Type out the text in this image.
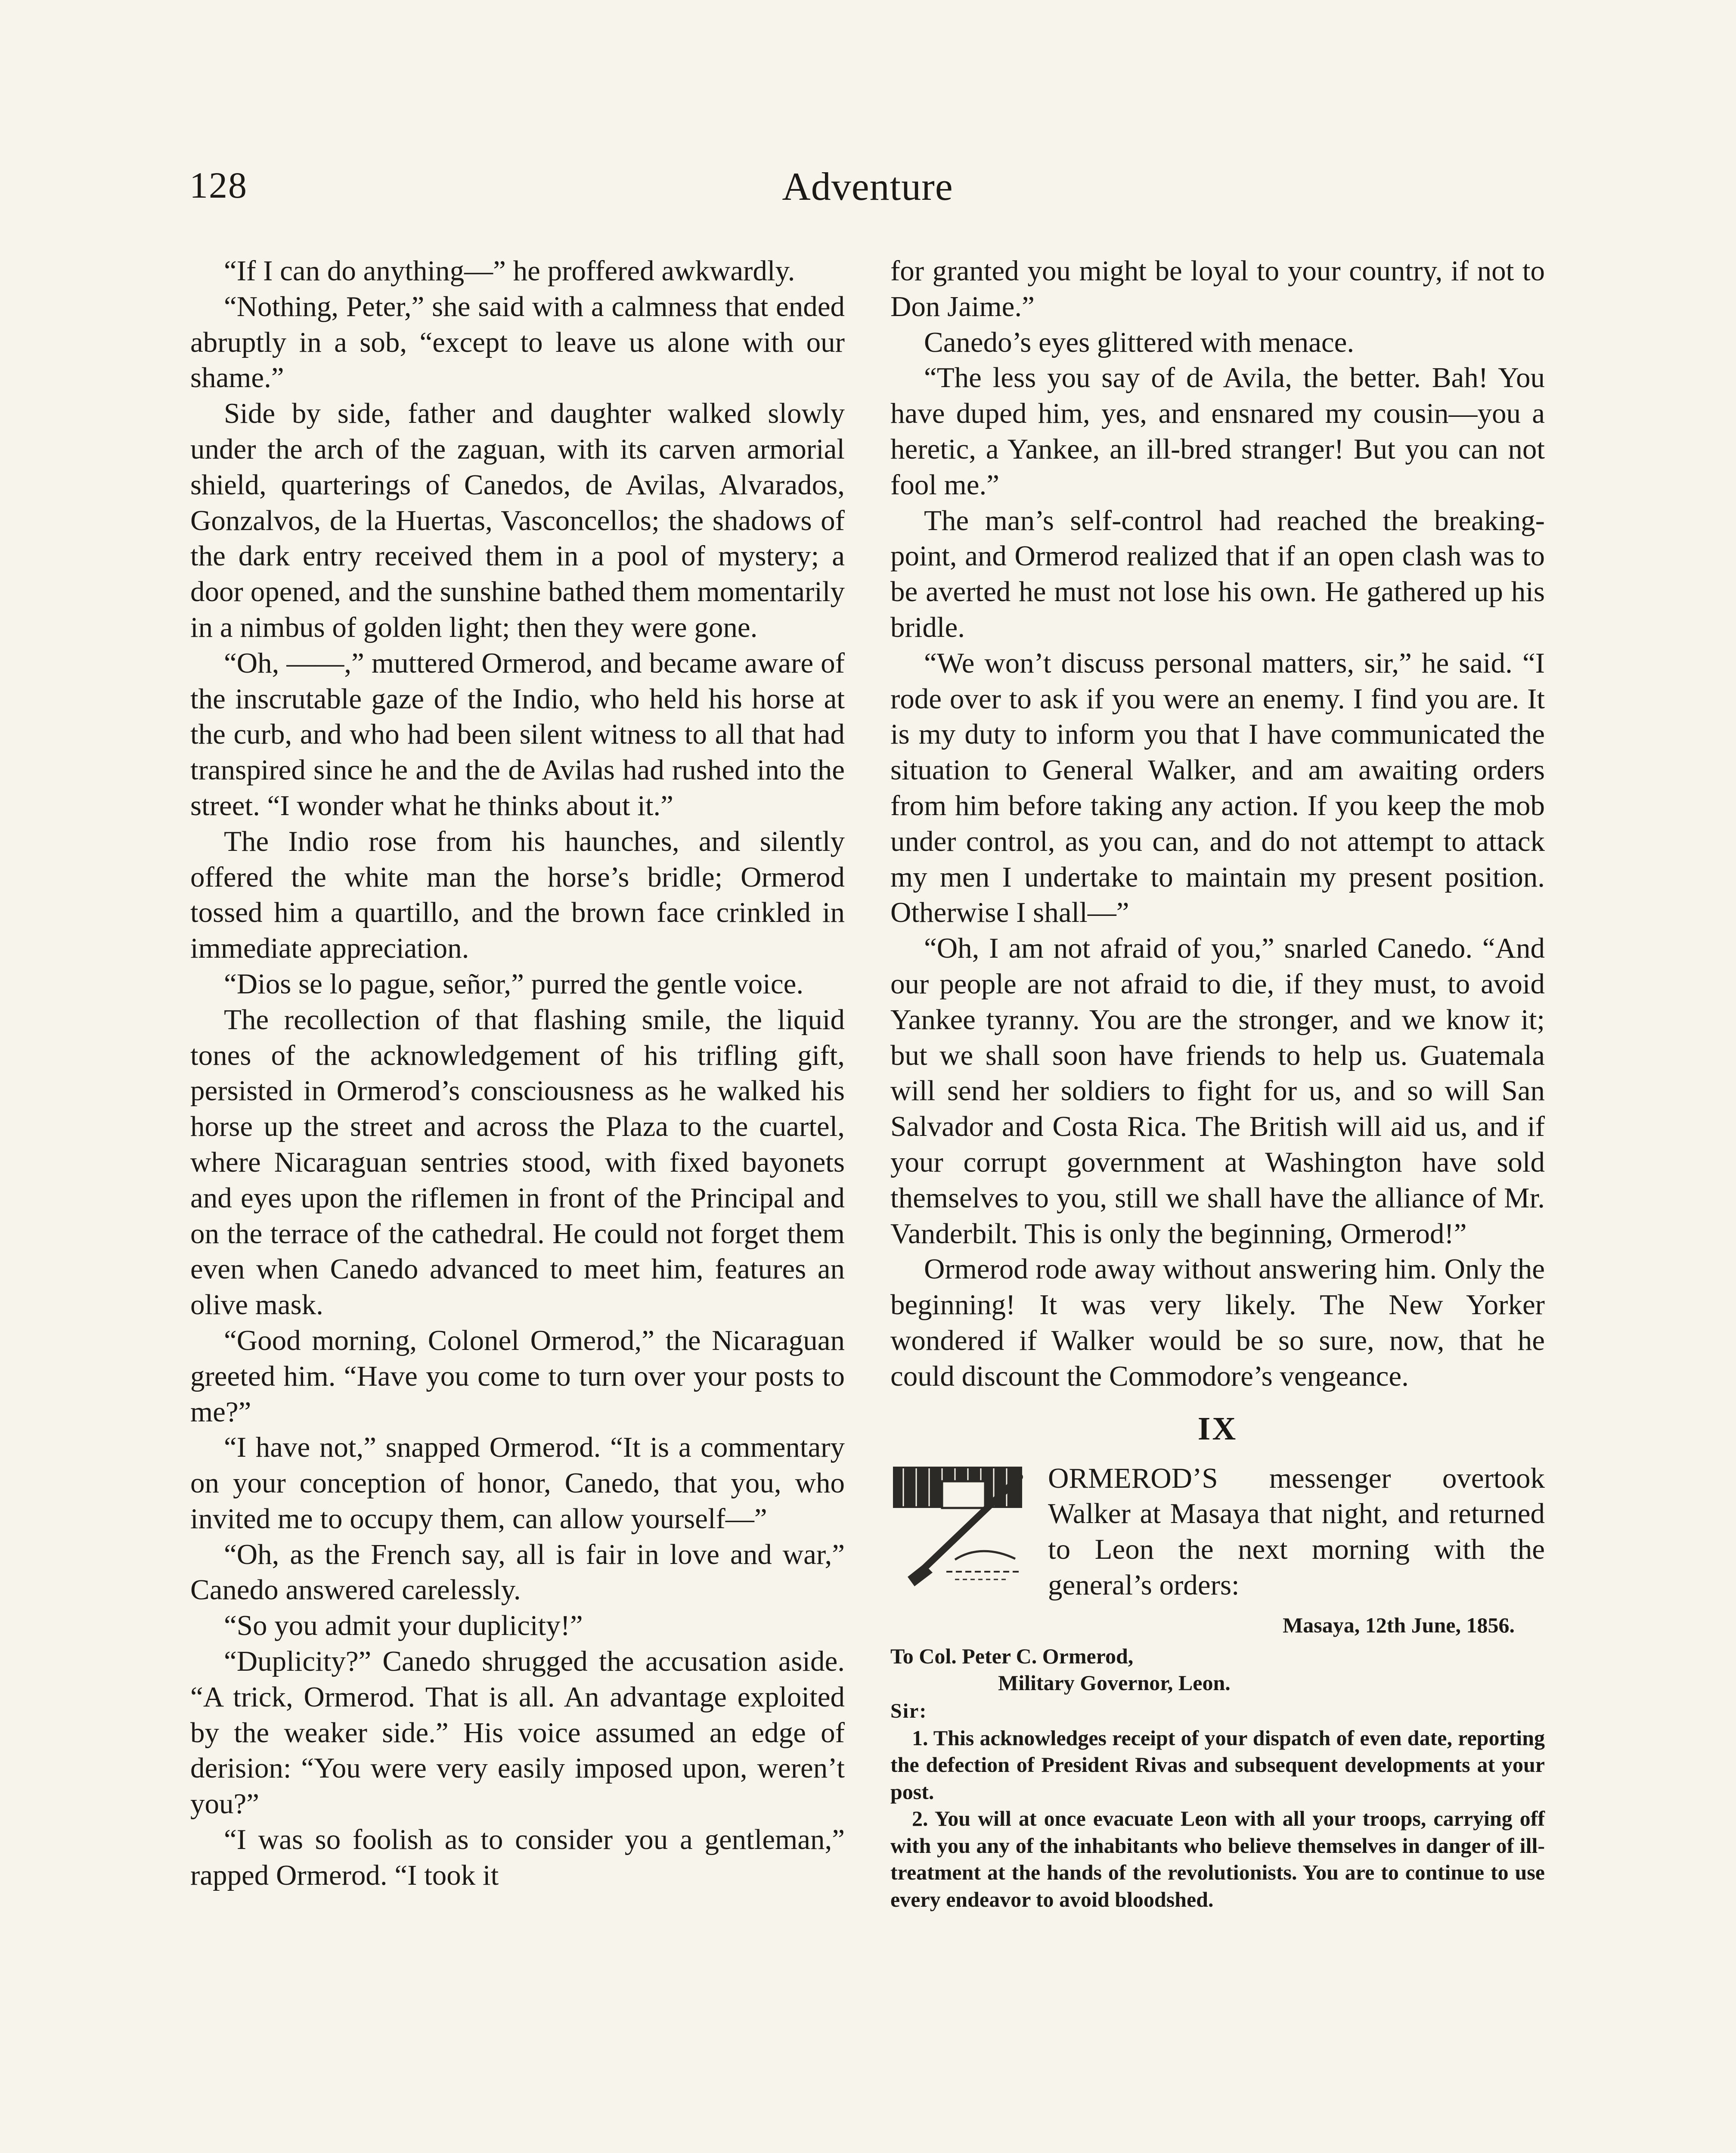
128	Adventure

“If I can do anything—” he proffered awkwardly.

“Nothing, Peter,” she said with a calmness that ended abruptly in a sob, “except to leave us alone with our shame.”

Side by side, father and daughter walked slowly under the arch of the zaguan, with its carven armorial shield, quarterings of Canedos, de Avilas, Alvarados, Gonzalvos, de la Huertas, Vasconcellos; the shadows of the dark entry received them in a pool of mystery; a door opened, and the sunshine bathed them momentarily in a nimbus of golden light; then they were gone.

“Oh, ——,” muttered Ormerod, and became aware of the inscrutable gaze of the Indio, who held his horse at the curb, and who had been silent witness to all that had transpired since he and the de Avilas had rushed into the street. “I wonder what he thinks about it.”

The Indio rose from his haunches, and silently offered the white man the horse’s bridle; Ormerod tossed him a quartillo, and the brown face crinkled in immediate appreciation.

“Dios se lo pague, señor,” purred the gentle voice.

The recollection of that flashing smile, the liquid tones of the acknowledgement of his trifling gift, persisted in Ormerod’s consciousness as he walked his horse up the street and across the Plaza to the cuartel, where Nicaraguan sentries stood, with fixed bayonets and eyes upon the riflemen in front of the Principal and on the terrace of the cathedral. He could not forget them even when Canedo advanced to meet him, features an olive mask.

“Good morning, Colonel Ormerod,” the Nicaraguan greeted him. “Have you come to turn over your posts to me?”

“I have not,” snapped Ormerod. “It is a commentary on your conception of honor, Canedo, that you, who invited me to occupy them, can allow yourself—”

“Oh, as the French say, all is fair in love and war,” Canedo answered carelessly.

“So you admit your duplicity!”

“Duplicity?” Canedo shrugged the accusation aside. “A trick, Ormerod. That is all. An advantage exploited by the weaker side.” His voice assumed an edge of derision: “You were very easily imposed upon, weren’t you?”

“I was so foolish as to consider you a gentleman,” rapped Ormerod. “I took it

for granted you might be loyal to your country, if not to Don Jaime.”

Canedo’s eyes glittered with menace.

“The less you say of de Avila, the better. Bah! You have duped him, yes, and ensnared my cousin—you a heretic, a Yankee, an ill-bred stranger! But you can not fool me.”

The man’s self-control had reached the breaking-point, and Ormerod realized that if an open clash was to be averted he must not lose his own. He gathered up his bridle.

“We won’t discuss personal matters, sir,” he said. “I rode over to ask if you were an enemy. I find you are. It is my duty to inform you that I have communicated the situation to General Walker, and am awaiting orders from him before taking any action. If you keep the mob under control, as you can, and do not attempt to attack my men I undertake to maintain my present position. Otherwise I shall—”

“Oh, I am not afraid of you,” snarled Canedo. “And our people are not afraid to die, if they must, to avoid Yankee tyranny. You are the stronger, and we know it; but we shall soon have friends to help us. Guatemala will send her soldiers to fight for us, and so will San Salvador and Costa Rica. The British will aid us, and if your corrupt government at Washington have sold themselves to you, still we shall have the alliance of Mr. Vanderbilt. This is only the beginning, Ormerod!”

Ormerod rode away without answering him. Only the beginning! It was very likely. The New Yorker wondered if Walker would be so sure, now, that he could discount the Commodore’s vengeance.

IX

ORMEROD’S messenger overtook Walker at Masaya that night, and returned to Leon the next morning with the general’s orders:

Masaya, 12th June, 1856.
To Col. Peter C. Ormerod,
Military Governor, Leon.
Sir:

1. This acknowledges receipt of your dispatch of even date, reporting the defection of President Rivas and subsequent developments at your post.

2. You will at once evacuate Leon with all your troops, carrying off with you any of the inhabitants who believe themselves in danger of ill-treatment at the hands of the revolutionists. You are to continue to use every endeavor to avoid bloodshed.
